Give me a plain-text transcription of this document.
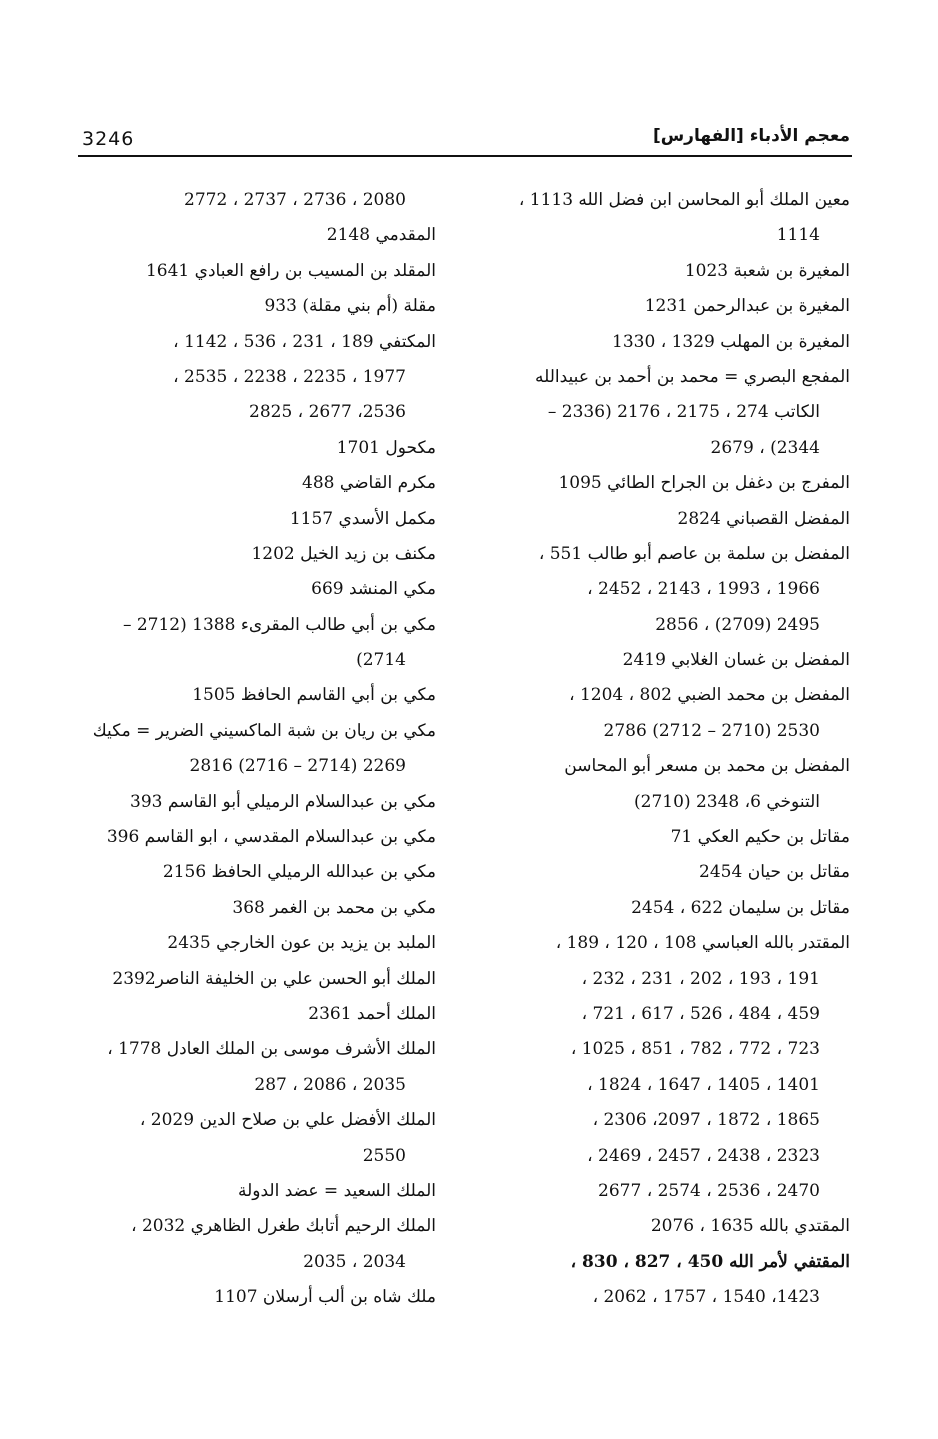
3246	معجم الأدباء [الفهارس]
معين الملك أبو المحاسن ابن فضل الله 1113 ،
1114
المغيرة بن شعبة 1023
المغيرة بن عبدالرحمن 1231
المغيرة بن المهلب 1329 ، 1330
المفجع البصري = محمد بن أحمد بن عبيدالله
الكاتب 274 ، 2175 ، 2176 (2336 –
2344) ، 2679
المفرج بن دغفل بن الجراح الطائي 1095
المفضل القصباني 2824
المفضل بن سلمة بن عاصم أبو طالب 551 ،
1966 ، 1993 ، 2143 ، 2452 ،
2495 (2709) ، 2856
المفضل بن غسان الغلابي 2419
المفضل بن محمد الضبي 802 ، 1204 ،
2530 (2710 – 2712) 2786
المفضل بن محمد بن مسعر أبو المحاسن
التنوخي 6، 2348 (2710)
مقاتل بن حكيم العكي 71
مقاتل بن حيان 2454
مقاتل بن سليمان 622 ، 2454
المقتدر بالله العباسي 108 ، 120 ، 189 ،
191 ، 193 ، 202 ، 231 ، 232 ،
459 ، 484 ، 526 ، 617 ، 721 ،
723 ، 772 ، 782 ، 851 ، 1025 ،
1401 ، 1405 ، 1647 ، 1824 ،
1865 ، 1872 ، 2097، 2306 ،
2323 ، 2438 ، 2457 ، 2469 ،
2470 ، 2536 ، 2574 ، 2677
المقتدي بالله 1635 ، 2076
المقتفي لأمر الله 450 ، 827 ، 830 ،
1423، 1540 ، 1757 ، 2062 ،
2080 ، 2736 ، 2737 ، 2772
المقدمي 2148
المقلد بن المسيب بن رافع العبادي 1641
مقلة (أم بني مقلة) 933
المكتفي 189 ، 231 ، 536 ، 1142 ،
1977 ، 2235 ، 2238 ، 2535 ،
2536، 2677 ، 2825
مكحول 1701
مكرم القاضي 488
مكمل الأسدي 1157
مكنف بن زيد الخيل 1202
مكي المنشد 669
مكي بن أبي طالب المقرىء 1388 (2712 –
2714)
مكي بن أبي القاسم الحافظ 1505
مكي بن ريان بن شبة الماكسيني الضرير = مكيك
2269 (2714 – 2716) 2816
مكي بن عبدالسلام الرميلي أبو القاسم 393
مكي بن عبدالسلام المقدسي ، ابو القاسم 396
مكي بن عبدالله الرميلي الحافظ 2156
مكي بن محمد بن الغمر 368
الملبد بن يزيد بن عون الخارجي 2435
الملك أبو الحسن علي بن الخليفة الناصر2392
الملك أحمد 2361
الملك الأشرف موسى بن الملك العادل 1778 ،
2035 ، 2086 ، 287
الملك الأفضل علي بن صلاح الدين 2029 ،
2550
الملك السعيد = عضد الدولة
الملك الرحيم أتابك طغرل الظاهري 2032 ،
2034 ، 2035
ملك شاه بن ألب أرسلان 1107
